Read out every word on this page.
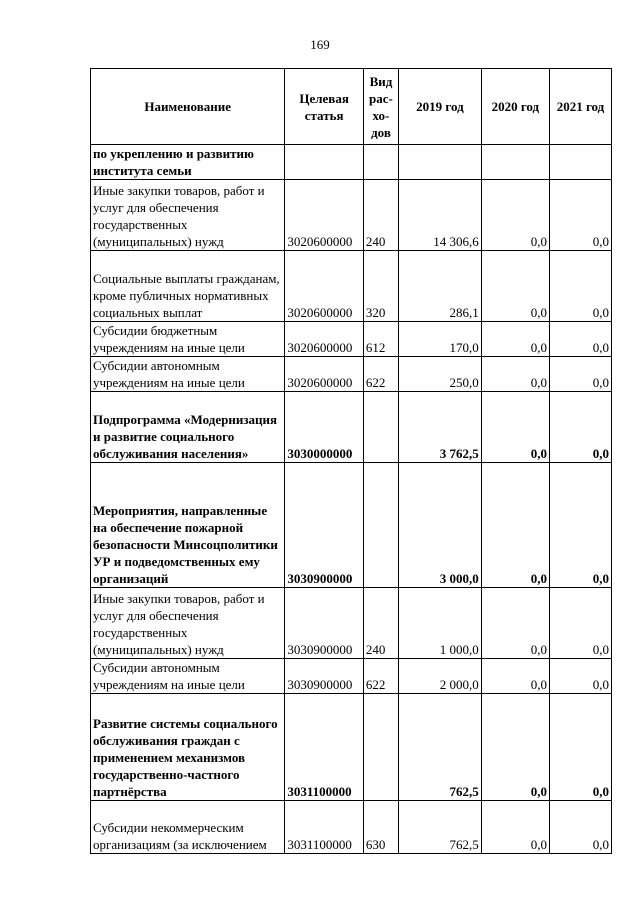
169
Наименование	Целевая статья	Вид рас-хо-дов	2019 год	2020 год	2021 год
по укреплению и развитию института семьи					
Иные закупки товаров, работ и услуг для обеспечения государственных (муниципальных) нужд	3020600000	240	14 306,6	0,0	0,0
Социальные выплаты гражданам, кроме публичных нормативных социальных выплат	3020600000	320	286,1	0,0	0,0
Субсидии бюджетным учреждениям на иные цели	3020600000	612	170,0	0,0	0,0
Субсидии автономным учреждениям на иные цели	3020600000	622	250,0	0,0	0,0
Подпрограмма «Модернизация и развитие социального обслуживания населения»	3030000000		3 762,5	0,0	0,0
Мероприятия, направленные на обеспечение пожарной безопасности Минсоцполитики УР и подведомственных ему организаций	3030900000		3 000,0	0,0	0,0
Иные закупки товаров, работ и услуг для обеспечения государственных (муниципальных) нужд	3030900000	240	1 000,0	0,0	0,0
Субсидии автономным учреждениям на иные цели	3030900000	622	2 000,0	0,0	0,0
Развитие системы социального обслуживания граждан с применением механизмов государственно-частного партнёрства	3031100000		762,5	0,0	0,0
Субсидии некоммерческим организациям (за исключением	3031100000	630	762,5	0,0	0,0
